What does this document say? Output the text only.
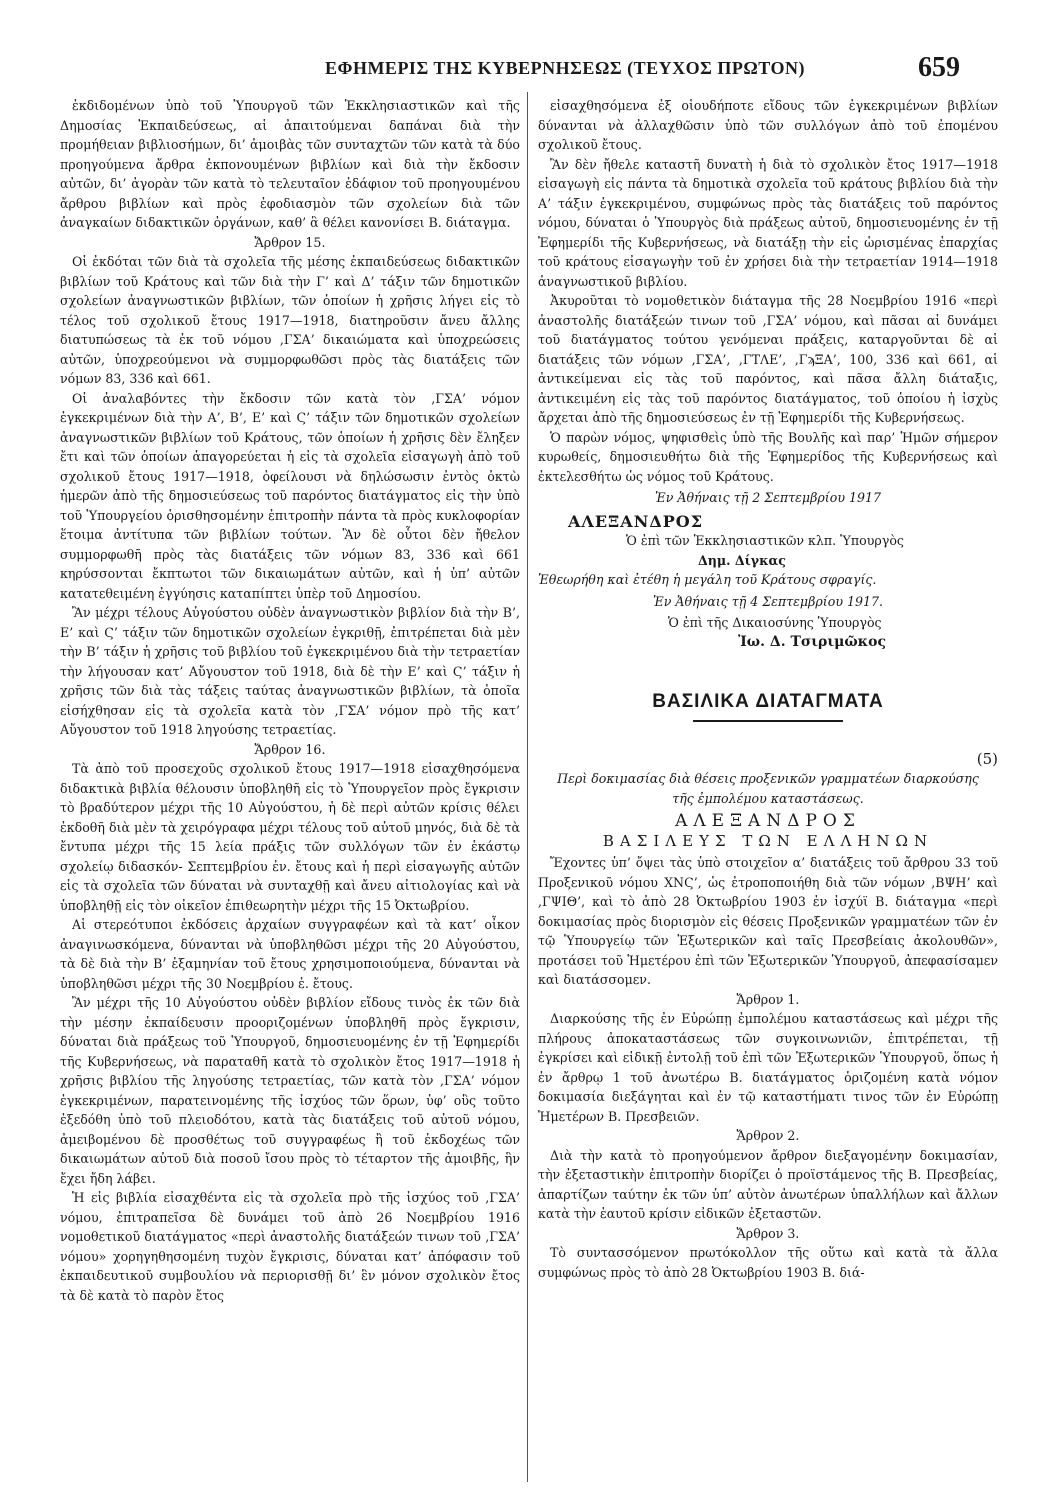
ΕΦΗΜΕΡΙΣ ΤΗΣ ΚΥΒΕΡΝΗΣΕΩΣ (ΤΕΥΧΟΣ ΠΡΩΤΟΝ)	659

ἐκδιδομένων ὑπὸ τοῦ Ὑπουργοῦ τῶν Ἐκκλησιαστικῶν καὶ τῆς Δημοσίας Ἐκπαιδεύσεως, αἱ ἀπαιτούμεναι δαπάναι διὰ τὴν προμήθειαν βιβλιοσήμων, δι’ ἀμοιβὰς τῶν συνταχτῶν τῶν κατὰ τὰ δύο προηγούμενα ἄρθρα ἐκπονουμένων βιβλίων καὶ διὰ τὴν ἔκδοσιν αὐτῶν, δι’ ἀγορὰν τῶν κατὰ τὸ τελευταῖον ἐδάφιον τοῦ προηγουμένου ἄρθρου βιβλίων καὶ πρὸς ἐφοδιασμὸν τῶν σχολείων διὰ τῶν ἀναγκαίων διδακτικῶν ὀργάνων, καθ’ ἃ θέλει κανονίσει Β. διάταγμα.

Ἄρθρον 15.

Οἱ ἐκδόται τῶν διὰ τὰ σχολεῖα τῆς μέσης ἐκπαιδεύσεως διδακτικῶν βιβλίων τοῦ Κράτους καὶ τῶν διὰ τὴν Γ’ καὶ Δ’ τάξιν τῶν δημοτικῶν σχολείων ἀναγνωστικῶν βιβλίων, τῶν ὁποίων ἡ χρῆσις λήγει εἰς τὸ τέλος τοῦ σχολικοῦ ἔτους 1917—1918, διατηροῦσιν ἄνευ ἄλλης διατυπώσεως τὰ ἐκ τοῦ νόμου ,ΓΣΑ’ δικαιώματα καὶ ὑποχρεώσεις αὐτῶν, ὑποχρεούμενοι νὰ συμμορφωθῶσι πρὸς τὰς διατάξεις τῶν νόμων 83, 336 καὶ 661.

Οἱ ἀναλαβόντες τὴν ἔκδοσιν τῶν κατὰ τὸν ,ΓΣΑ’ νόμον ἐγκεκριμένων διὰ τὴν Α’, Β’, Ε’ καὶ Ϛ’ τάξιν τῶν δημοτικῶν σχολείων ἀναγνωστικῶν βιβλίων τοῦ Κράτους, τῶν ὁποίων ἡ χρῆσις δὲν ἔληξεν ἔτι καὶ τῶν ὁποίων ἀπαγορεύεται ἡ εἰς τὰ σχολεῖα εἰσαγωγὴ ἀπὸ τοῦ σχολικοῦ ἔτους 1917—1918, ὀφείλουσι νὰ δηλώσωσιν ἐντὸς ὀκτὼ ἡμερῶν ἀπὸ τῆς δημοσιεύσεως τοῦ παρόντος διατάγματος εἰς τὴν ὑπὸ τοῦ Ὑπουργείου ὁρισθησομένην ἐπιτροπὴν πάντα τὰ πρὸς κυκλοφορίαν ἕτοιμα ἀντίτυπα τῶν βιβλίων τούτων. Ἂν δὲ οὗτοι δὲν ἤθελον συμμορφωθῆ πρὸς τὰς διατάξεις τῶν νόμων 83, 336 καὶ 661 κηρύσσονται ἔκπτωτοι τῶν δικαιωμάτων αὐτῶν, καὶ ἡ ὑπ’ αὐτῶν κατατεθειμένη ἐγγύησις καταπίπτει ὑπὲρ τοῦ Δημοσίου.

Ἂν μέχρι τέλους Αὐγούστου οὐδὲν ἀναγνωστικὸν βιβλίον διὰ τὴν Β’, Ε’ καὶ Ϛ’ τάξιν τῶν δημοτικῶν σχολείων ἐγκριθῇ, ἐπιτρέπεται διὰ μὲν τὴν Β’ τάξιν ἡ χρῆσις τοῦ βιβλίου τοῦ ἐγκεκριμένου διὰ τὴν τετραετίαν τὴν λήγουσαν κατ’ Αὔγουστον τοῦ 1918, διὰ δὲ τὴν Ε’ καὶ Ϛ’ τάξιν ἡ χρῆσις τῶν διὰ τὰς τάξεις ταύτας ἀναγνωστικῶν βιβλίων, τὰ ὁποῖα εἰσήχθησαν εἰς τὰ σχολεῖα κατὰ τὸν ,ΓΣΑ’ νόμον πρὸ τῆς κατ’ Αὔγουστον τοῦ 1918 ληγούσης τετραετίας.

Ἄρθρον 16.

Τὰ ἀπὸ τοῦ προσεχοῦς σχολικοῦ ἔτους 1917—1918 εἰσαχθησόμενα διδακτικὰ βιβλία θέλουσιν ὑποβληθῆ εἰς τὸ Ὑπουργεῖον πρὸς ἔγκρισιν τὸ βραδύτερον μέχρι τῆς 10 Αὐγούστου, ἡ δὲ περὶ αὐτῶν κρίσις θέλει ἐκδοθῆ διὰ μὲν τὰ χειρόγραφα μέχρι τέλους τοῦ αὐτοῦ μηνός, διὰ δὲ τὰ ἔντυπα μέχρι τῆς 15 λεία πράξις τῶν συλλόγων τῶν ἐν ἑκάστῳ σχολείῳ διδασκόν- Σεπτεμβρίου ἐν. ἔτους καὶ ἡ περὶ εἰσαγωγῆς αὐτῶν εἰς τὰ σχολεῖα τῶν δύναται νὰ συνταχθῇ καὶ ἄνευ αἰτιολογίας καὶ νὰ ὑποβληθῇ εἰς τὸν οἰκεῖον ἐπιθεωρητὴν μέχρι τῆς 15 Ὀκτωβρίου.

Αἱ στερεότυποι ἐκδόσεις ἀρχαίων συγγραφέων καὶ τὰ κατ’ οἶκον ἀναγινωσκόμενα, δύνανται νὰ ὑποβληθῶσι μέχρι τῆς 20 Αὐγούστου, τὰ δὲ διὰ τὴν Β’ ἑξαμηνίαν τοῦ ἔτους χρησιμοποιούμενα, δύνανται νὰ ὑποβληθῶσι μέχρι τῆς 30 Νοεμβρίου ἐ. ἔτους.

Ἂν μέχρι τῆς 10 Αὐγούστου οὐδὲν βιβλίον εἴδους τινὸς ἐκ τῶν διὰ τὴν μέσην ἐκπαίδευσιν προοριζομένων ὑποβληθῆ πρὸς ἔγκρισιν, δύναται διὰ πράξεως τοῦ Ὑπουργοῦ, δημοσιευομένης ἐν τῇ Ἐφημερίδι τῆς Κυβερνήσεως, νὰ παραταθῆ κατὰ τὸ σχολικὸν ἔτος 1917—1918 ἡ χρῆσις βιβλίου τῆς ληγούσης τετραετίας, τῶν κατὰ τὸν ,ΓΣΑ’ νόμον ἐγκεκριμένων, παρατεινομένης τῆς ἰσχύος τῶν ὅρων, ὑφ’ οὓς τοῦτο ἐξεδόθη ὑπὸ τοῦ πλειοδότου, κατὰ τὰς διατάξεις τοῦ αὐτοῦ νόμου, ἀμειβομένου δὲ προσθέτως τοῦ συγγραφέως ἢ τοῦ ἐκδοχέως τῶν δικαιωμάτων αὐτοῦ διὰ ποσοῦ ἴσου πρὸς τὸ τέταρτον τῆς ἀμοιβῆς, ἣν ἔχει ἤδη λάβει.

Ἡ εἰς βιβλία εἰσαχθέντα εἰς τὰ σχολεῖα πρὸ τῆς ἰσχύος τοῦ ,ΓΣΑ’ νόμου, ἐπιτραπεῖσα δὲ δυνάμει τοῦ ἀπὸ 26 Νοεμβρίου 1916 νομοθετικοῦ διατάγματος «περὶ ἀναστολῆς διατάξεών τινων τοῦ ,ΓΣΑ’ νόμου» χορηγηθησομένη τυχὸν ἔγκρισις, δύναται κατ’ ἀπόφασιν τοῦ ἐκπαιδευτικοῦ συμβουλίου νὰ περιορισθῇ δι’ ἓν μόνον σχολικὸν ἔτος τὰ δὲ κατὰ τὸ παρὸν ἔτος

εἰσαχθησόμενα ἐξ οἱουδήποτε εἴδους τῶν ἐγκεκριμένων βιβλίων δύνανται νὰ ἀλλαχθῶσιν ὑπὸ τῶν συλλόγων ἀπὸ τοῦ ἐπομένου σχολικοῦ ἔτους.

Ἂν δὲν ἤθελε καταστῆ δυνατὴ ἡ διὰ τὸ σχολικὸν ἔτος 1917—1918 εἰσαγωγὴ εἰς πάντα τὰ δημοτικὰ σχολεῖα τοῦ κράτους βιβλίου διὰ τὴν Α’ τάξιν ἐγκεκριμένου, συμφώνως πρὸς τὰς διατάξεις τοῦ παρόντος νόμου, δύναται ὁ Ὑπουργὸς διὰ πράξεως αὐτοῦ, δημοσιευομένης ἐν τῇ Ἐφημερίδι τῆς Κυβερνήσεως, νὰ διατάξῃ τὴν εἰς ὡρισμένας ἐπαρχίας τοῦ κράτους εἰσαγωγὴν τοῦ ἐν χρήσει διὰ τὴν τετραετίαν 1914—1918 ἀναγνωστικοῦ βιβλίου.

Ἀκυροῦται τὸ νομοθετικὸν διάταγμα τῆς 28 Νοεμβρίου 1916 «περὶ ἀναστολῆς διατάξεών τινων τοῦ ,ΓΣΑ’ νόμου, καὶ πᾶσαι αἱ δυνάμει τοῦ διατάγματος τούτου γενόμεναι πράξεις, καταργοῦνται δὲ αἱ διατάξεις τῶν νόμων ,ΓΣΑ’, ,ΓΤΛΕ’, ,ΓϡΞΑ’, 100, 336 καὶ 661, αἱ ἀντικείμεναι εἰς τὰς τοῦ παρόντος, καὶ πᾶσα ἄλλη διάταξις, ἀντικειμένη εἰς τὰς τοῦ παρόντος διατάγματος, τοῦ ὁποίου ἡ ἰσχὺς ἄρχεται ἀπὸ τῆς δημοσιεύσεως ἐν τῇ Ἐφημερίδι τῆς Κυβερνήσεως.

Ὁ παρὼν νόμος, ψηφισθεὶς ὑπὸ τῆς Βουλῆς καὶ παρ’ Ἡμῶν σήμερον κυρωθείς, δημοσιευθήτω διὰ τῆς Ἐφημερίδος τῆς Κυβερνήσεως καὶ ἐκτελεσθήτω ὡς νόμος τοῦ Κράτους.

Ἐν Ἀθήναις τῇ 2 Σεπτεμβρίου 1917

ΑΛΕΞΑΝΔΡΟΣ

Ὁ ἐπὶ τῶν Ἐκκλησιαστικῶν κλπ. Ὑπουργὸς

Δημ. Δίγκας

Ἐθεωρήθη καὶ ἐτέθη ἡ μεγάλη τοῦ Κράτους σφραγίς.

Ἐν Ἀθήναις τῇ 4 Σεπτεμβρίου 1917.

Ὁ ἐπὶ τῆς Δικαιοσύνης Ὑπουργὸς

Ἰω. Δ. Τσιριμῶκος

ΒΑΣΙΛΙΚΑ ΔΙΑΤΑΓΜΑΤΑ

(5)

Περὶ δοκιμασίας διὰ θέσεις προξενικῶν γραμματέων διαρκούσης τῆς ἐμπολέμου καταστάσεως.

ΑΛΕΞΑΝΔΡΟΣ

ΒΑΣΙΛΕΥΣ ΤΩΝ ΕΛΛΗΝΩΝ

Ἔχοντες ὑπ’ ὄψει τὰς ὑπὸ στοιχεῖον α’ διατάξεις τοῦ ἄρθρου 33 τοῦ Προξενικοῦ νόμου ΧΝϚ’, ὡς ἐτροποποιήθη διὰ τῶν νόμων ,ΒΨΗ’ καὶ ,ΓΨΙΘ’, καὶ τὸ ἀπὸ 28 Ὀκτωβρίου 1903 ἐν ἰσχύϊ Β. διάταγμα «περὶ δοκιμασίας πρὸς διορισμὸν εἰς θέσεις Προξενικῶν γραμματέων τῶν ἐν τῷ Ὑπουργείῳ τῶν Ἐξωτερικῶν καὶ ταῖς Πρεσβείαις ἀκολουθῶν», προτάσει τοῦ Ἡμετέρου ἐπὶ τῶν Ἐξωτερικῶν Ὑπουργοῦ, ἀπεφασίσαμεν καὶ διατάσσομεν.

Ἄρθρον 1.

Διαρκούσης τῆς ἐν Εὐρώπῃ ἐμπολέμου καταστάσεως καὶ μέχρι τῆς πλήρους ἀποκαταστάσεως τῶν συγκοινωνιῶν, ἐπιτρέπεται, τῇ ἐγκρίσει καὶ εἰδικῇ ἐντολῇ τοῦ ἐπὶ τῶν Ἐξωτερικῶν Ὑπουργοῦ, ὅπως ἡ ἐν ἄρθρῳ 1 τοῦ ἀνωτέρω Β. διατάγματος ὁριζομένη κατὰ νόμον δοκιμασία διεξάγηται καὶ ἐν τῷ καταστήματι τινος τῶν ἐν Εὐρώπῃ Ἡμετέρων Β. Πρεσβειῶν.

Ἄρθρον 2.

Διὰ τὴν κατὰ τὸ προηγούμενον ἄρθρον διεξαγομένην δοκιμασίαν, τὴν ἐξεταστικὴν ἐπιτροπὴν διορίζει ὁ προϊστάμενος τῆς Β. Πρεσβείας, ἀπαρτίζων ταύτην ἐκ τῶν ὑπ’ αὐτὸν ἀνωτέρων ὑπαλλήλων καὶ ἄλλων κατὰ τὴν ἑαυτοῦ κρίσιν εἰδικῶν ἐξεταστῶν.

Ἄρθρον 3.

Τὸ συντασσόμενον πρωτόκολλον τῆς οὕτω καὶ κατὰ τὰ ἄλλα συμφώνως πρὸς τὸ ἀπὸ 28 Ὀκτωβρίου 1903 Β. διά-
